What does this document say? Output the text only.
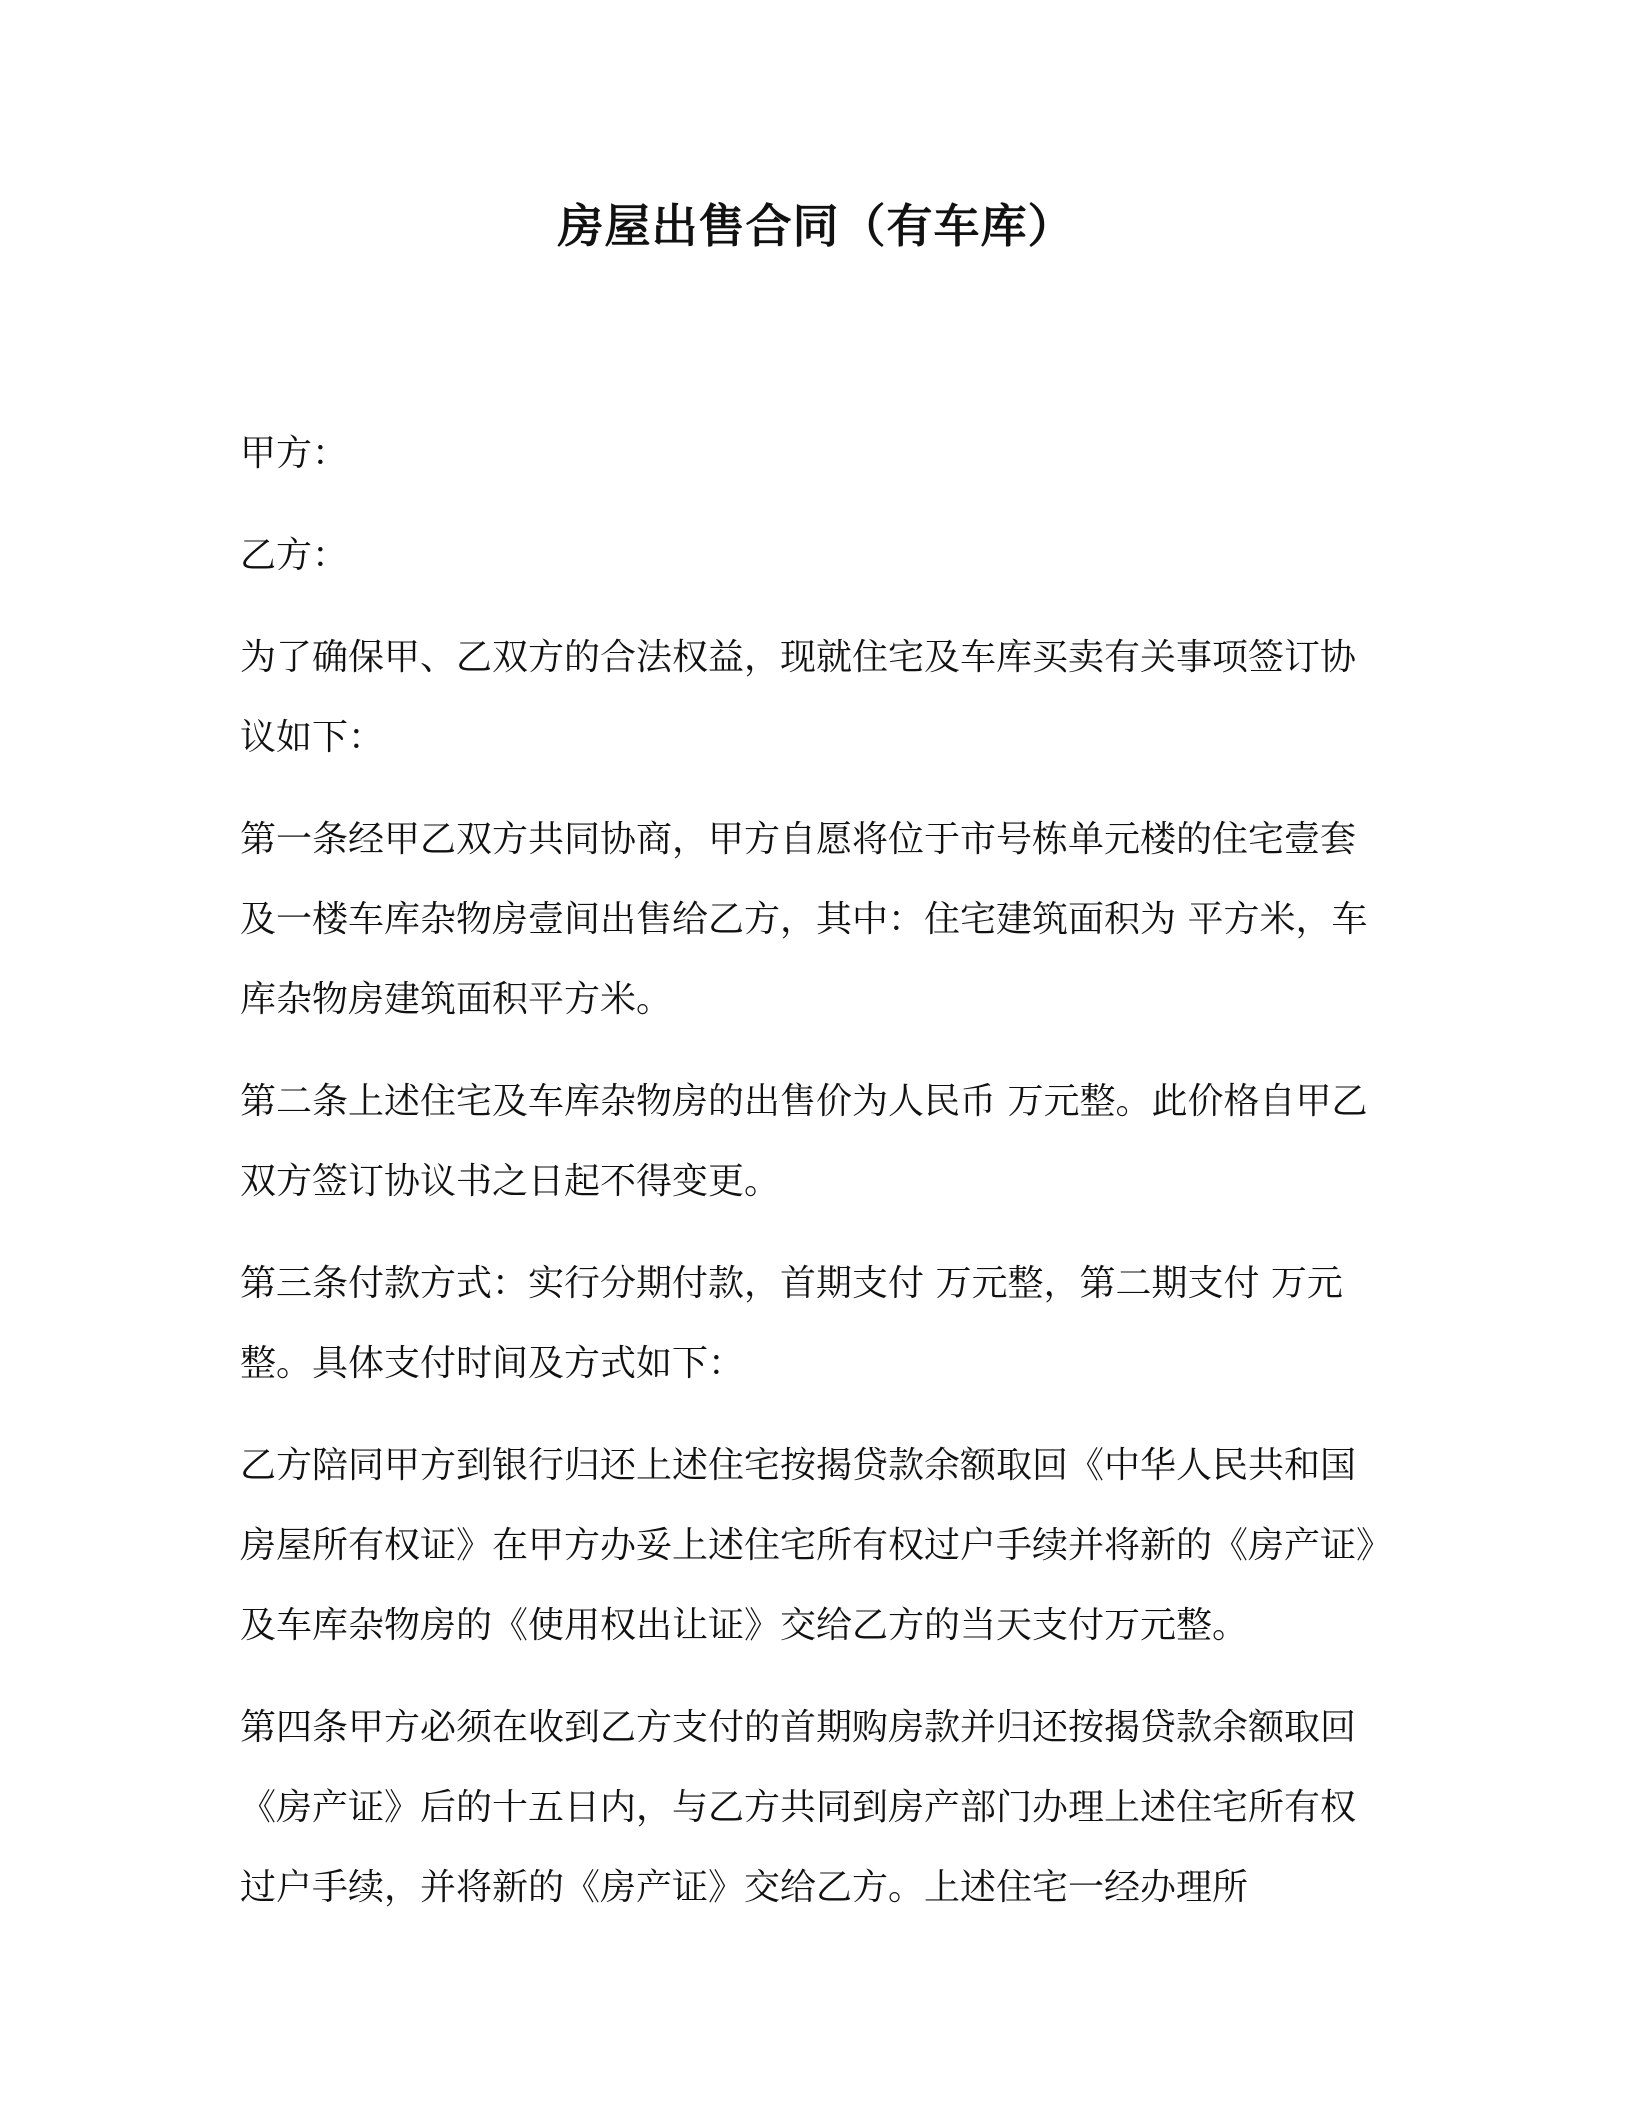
房屋出售合同（有车库）

甲方：

乙方：

为了确保甲、乙双方的合法权益，现就住宅及车库买卖有关事项签订协议如下：

第一条经甲乙双方共同协商，甲方自愿将位于市号栋单元楼的住宅壹套及一楼车库杂物房壹间出售给乙方，其中：住宅建筑面积为 平方米，车库杂物房建筑面积平方米。

第二条上述住宅及车库杂物房的出售价为人民币 万元整。此价格自甲乙双方签订协议书之日起不得变更。

第三条付款方式：实行分期付款，首期支付 万元整，第二期支付 万元整。具体支付时间及方式如下：

乙方陪同甲方到银行归还上述住宅按揭贷款余额取回《中华人民共和国房屋所有权证》在甲方办妥上述住宅所有权过户手续并将新的《房产证》及车库杂物房的《使用权出让证》交给乙方的当天支付万元整。

第四条甲方必须在收到乙方支付的首期购房款并归还按揭贷款余额取回《房产证》后的十五日内，与乙方共同到房产部门办理上述住宅所有权过户手续，并将新的《房产证》交给乙方。上述住宅一经办理所
